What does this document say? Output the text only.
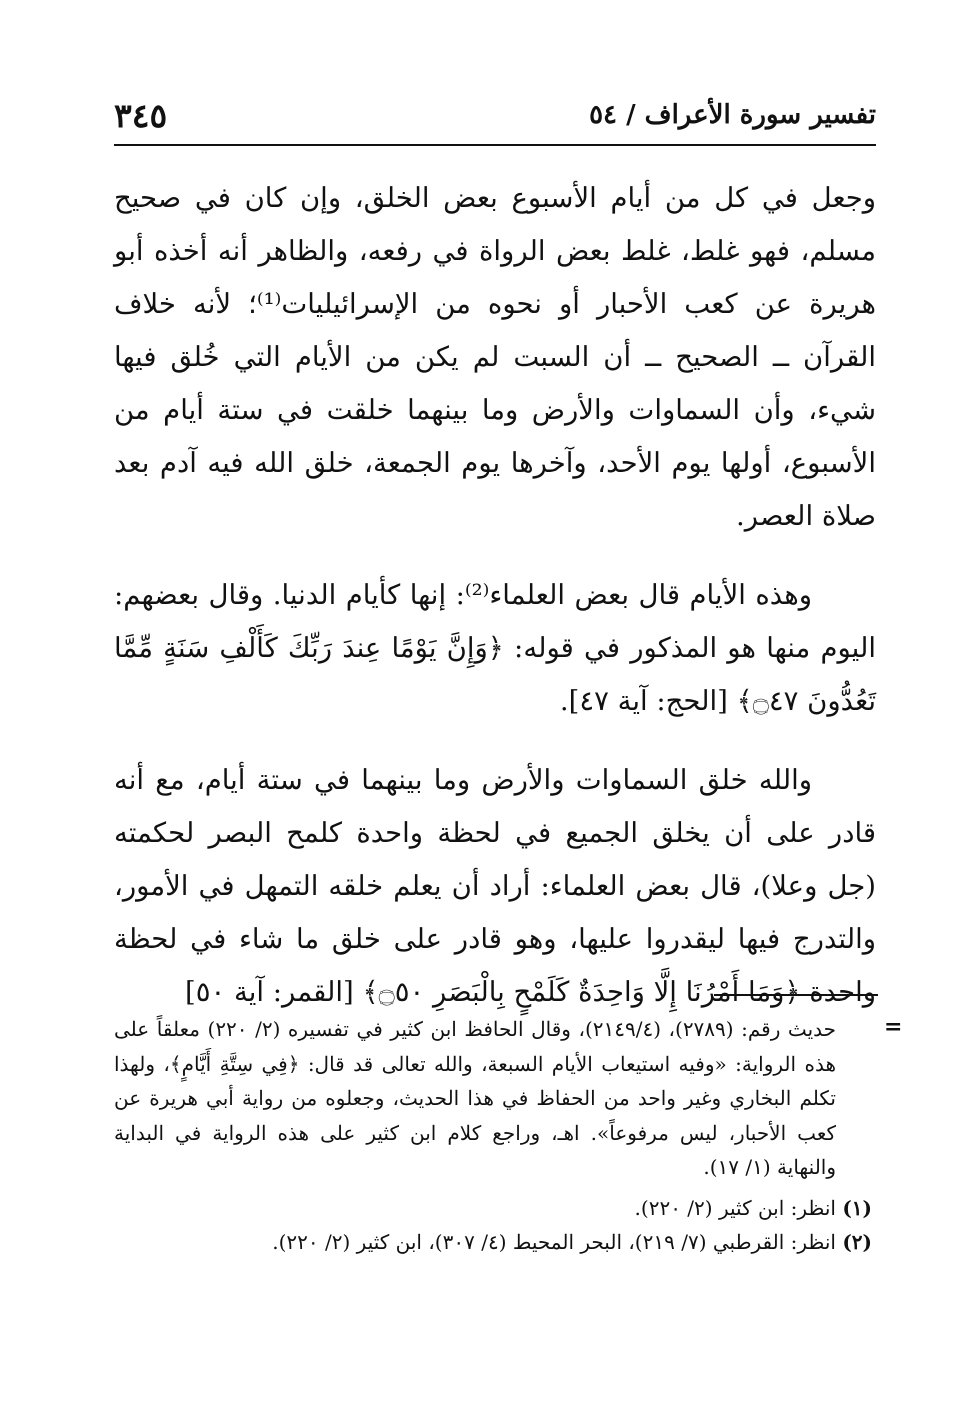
تفسير سورة الأعراف / ٥٤
٣٤٥

وجعل في كل من أيام الأسبوع بعض الخلق، وإن كان في صحيح مسلم، فهو غلط، غلط بعض الرواة في رفعه، والظاهر أنه أخذه أبو هريرة عن كعب الأحبار أو نحوه من الإسرائيليات⁽¹⁾؛ لأنه خلاف القرآن ــ الصحيح ــ أن السبت لم يكن من الأيام التي خُلق فيها شيء، وأن السماوات والأرض وما بينهما خلقت في ستة أيام من الأسبوع، أولها يوم الأحد، وآخرها يوم الجمعة، خلق الله فيه آدم بعد صلاة العصر.

وهذه الأيام قال بعض العلماء⁽²⁾: إنها كأيام الدنيا. وقال بعضهم: اليوم منها هو المذكور في قوله: ﴿وَإِنَّ يَوْمًا عِندَ رَبِّكَ كَأَلْفِ سَنَةٍ مِّمَّا تَعُدُّونَ ۝٤٧﴾ [الحج: آية ٤٧].

والله خلق السماوات والأرض وما بينهما في ستة أيام، مع أنه قادر على أن يخلق الجميع في لحظة واحدة كلمح البصر لحكمته (جل وعلا)، قال بعض العلماء: أراد أن يعلم خلقه التمهل في الأمور، والتدرج فيها ليقدروا عليها، وهو قادر على خلق ما شاء في لحظة واحدة ﴿وَمَا أَمْرُنَا إِلَّا وَاحِدَةٌ كَلَمْحٍ بِالْبَصَرِ ۝٥٠﴾ [القمر: آية ٥٠]

=

حديث رقم: (٢٧٨٩)، (٢١٤٩/٤)، وقال الحافظ ابن كثير في تفسيره (٢/ ٢٢٠) معلقاً على هذه الرواية: «وفيه استيعاب الأيام السبعة، والله تعالى قد قال: ﴿فِي سِتَّةِ أَيَّامٍ﴾، ولهذا تكلم البخاري وغير واحد من الحفاظ في هذا الحديث، وجعلوه من رواية أبي هريرة عن كعب الأحبار، ليس مرفوعاً». اهـ، وراجع كلام ابن كثير على هذه الرواية في البداية والنهاية (١/ ١٧).

(١) انظر: ابن كثير (٢/ ٢٢٠).

(٢) انظر: القرطبي (٧/ ٢١٩)، البحر المحيط (٤/ ٣٠٧)، ابن كثير (٢/ ٢٢٠).
